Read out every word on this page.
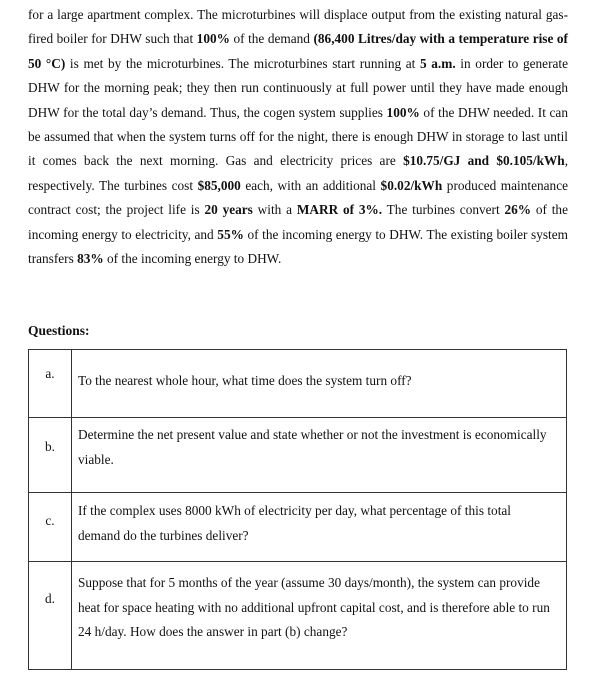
for a large apartment complex. The microturbines will displace output from the existing natural gas-fired boiler for DHW such that 100% of the demand (86,400 Litres/day with a temperature rise of 50 °C) is met by the microturbines. The microturbines start running at 5 a.m. in order to generate DHW for the morning peak; they then run continuously at full power until they have made enough DHW for the total day’s demand. Thus, the cogen system supplies 100% of the DHW needed. It can be assumed that when the system turns off for the night, there is enough DHW in storage to last until it comes back the next morning. Gas and electricity prices are $10.75/GJ and $0.105/kWh, respectively. The turbines cost $85,000 each, with an additional $0.02/kWh produced maintenance contract cost; the project life is 20 years with a MARR of 3%. The turbines convert 26% of the incoming energy to electricity, and 55% of the incoming energy to DHW. The existing boiler system transfers 83% of the incoming energy to DHW.

Questions:

a.	To the nearest whole hour, what time does the system turn off?

b.	Determine the net present value and state whether or not the investment is economically viable.

c.	If the complex uses 8000 kWh of electricity per day, what percentage of this total demand do the turbines deliver?

d.	Suppose that for 5 months of the year (assume 30 days/month), the system can provide heat for space heating with no additional upfront capital cost, and is therefore able to run 24 h/day. How does the answer in part (b) change?
